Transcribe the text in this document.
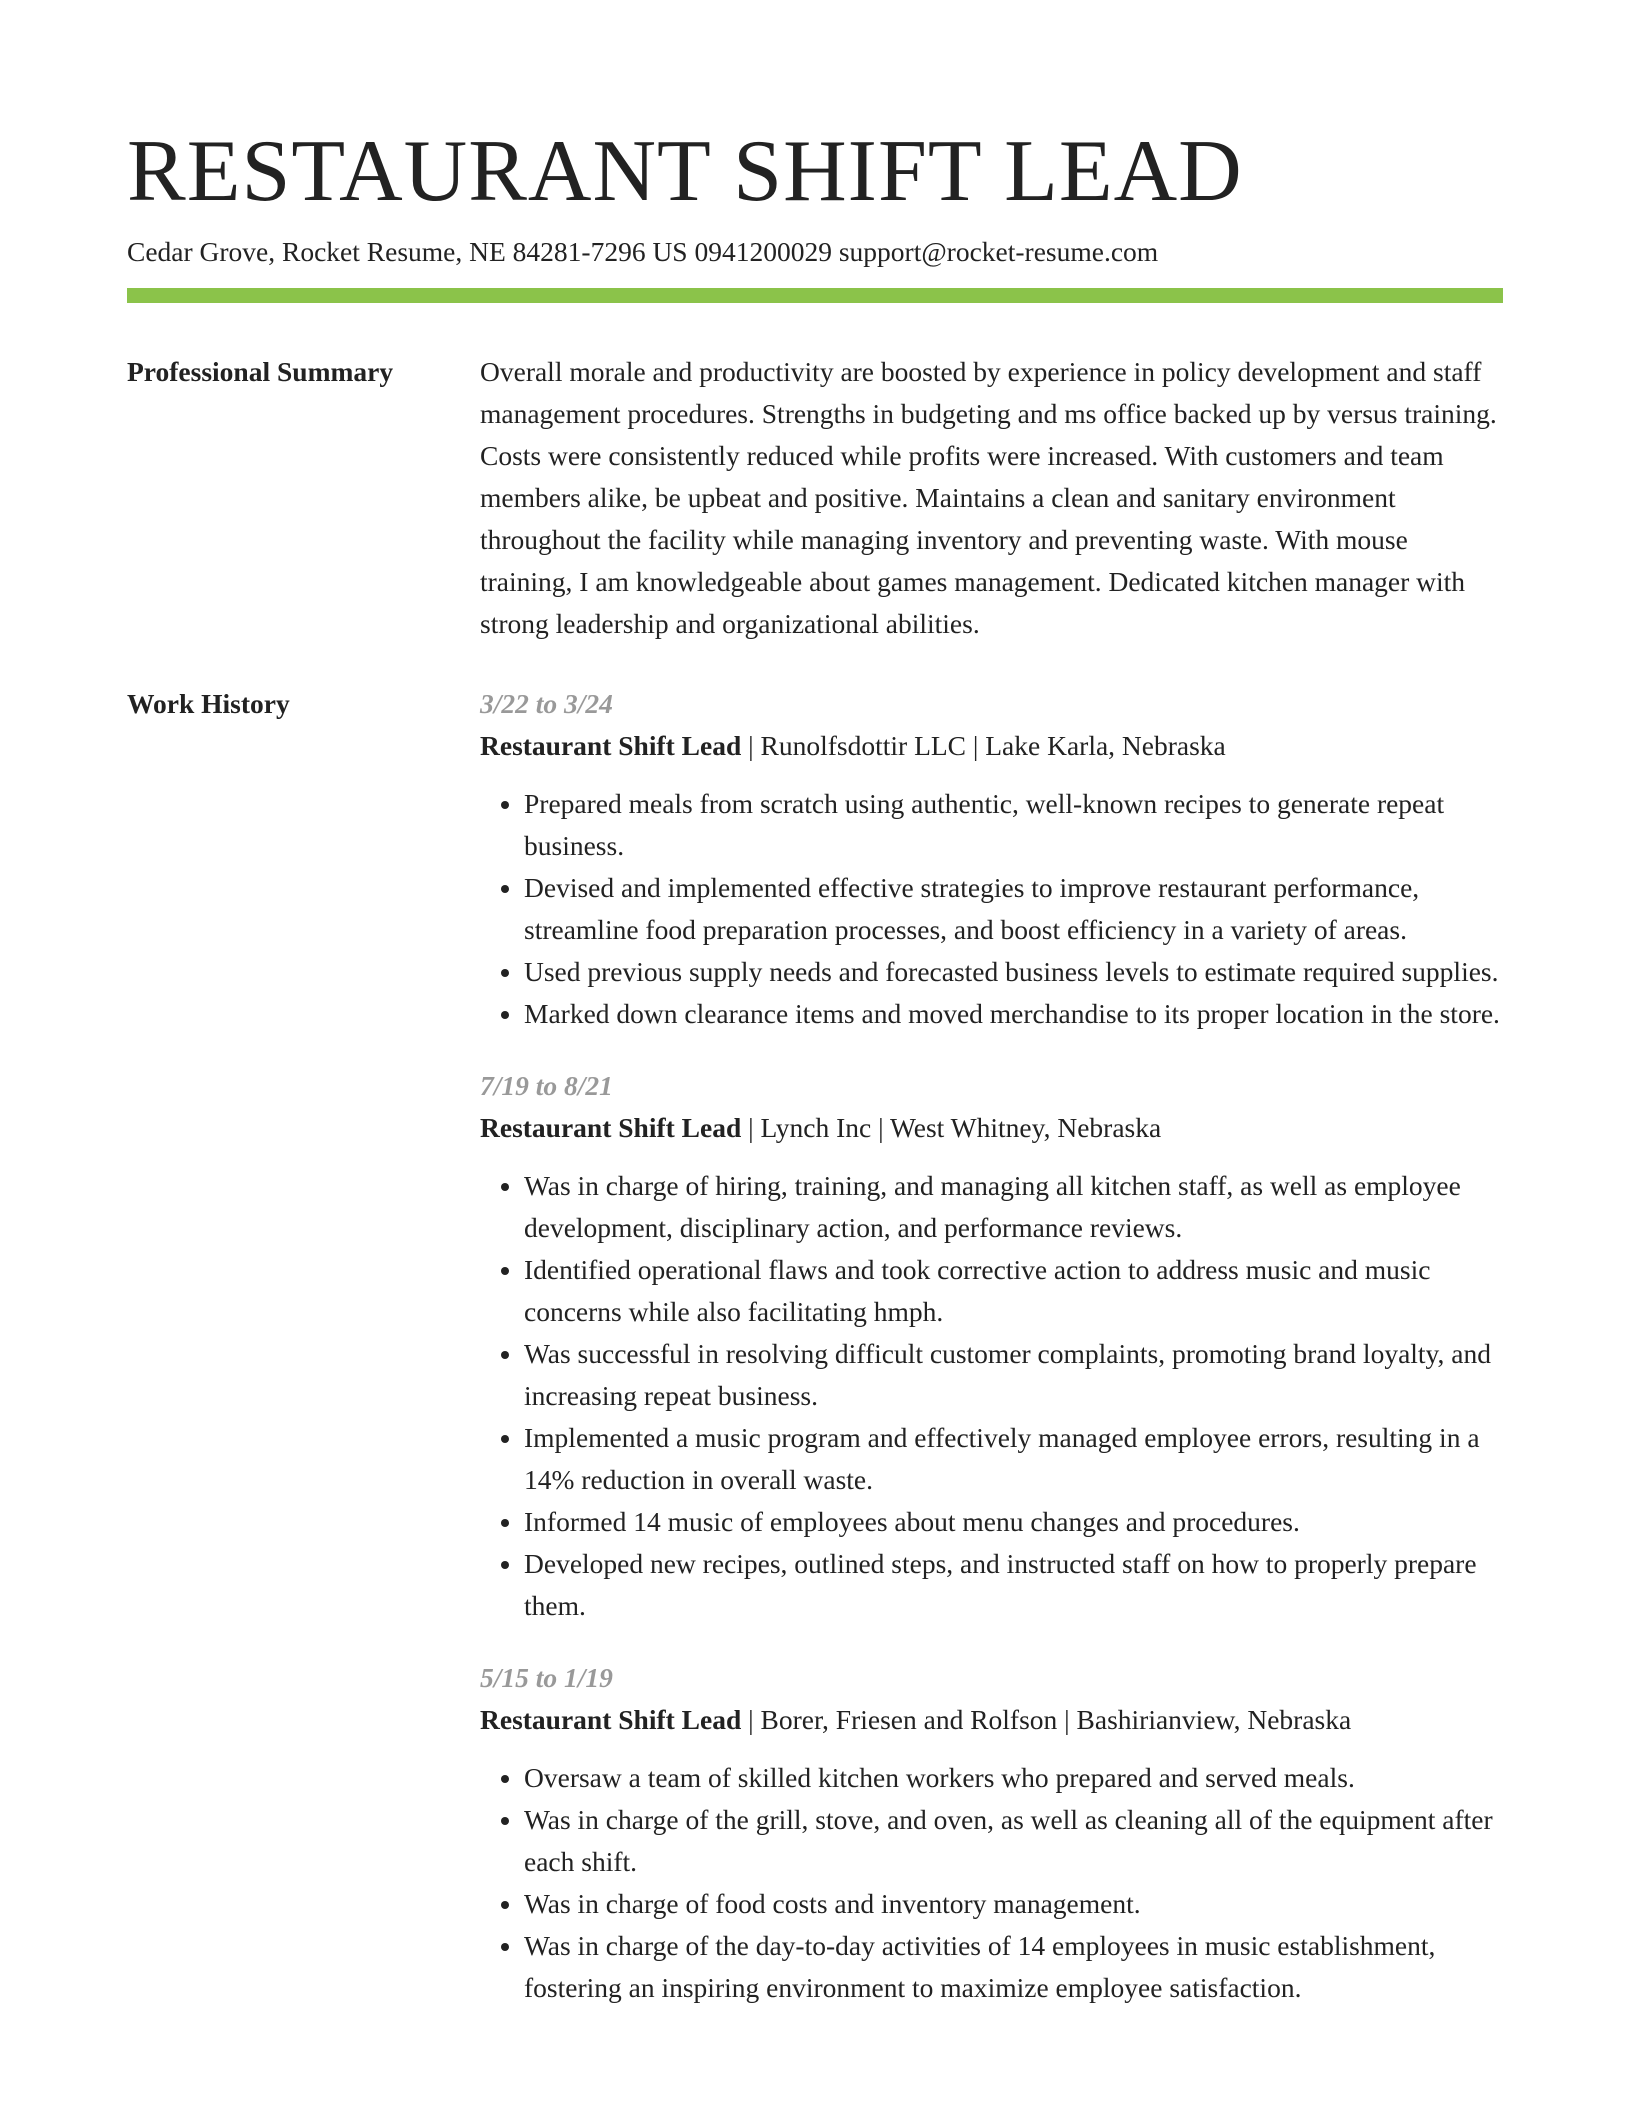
RESTAURANT SHIFT LEAD
Cedar Grove, Rocket Resume, NE 84281-7296 US 0941200029 support@rocket-resume.com
Professional Summary	Overall morale and productivity are boosted by experience in policy development and staff management procedures. Strengths in budgeting and ms office backed up by versus training. Costs were consistently reduced while profits were increased. With customers and team members alike, be upbeat and positive. Maintains a clean and sanitary environment throughout the facility while managing inventory and preventing waste. With mouse training, I am knowledgeable about games management. Dedicated kitchen manager with strong leadership and organizational abilities.
Work History	3/22 to 3/24
Restaurant Shift Lead | Runolfsdottir LLC | Lake Karla, Nebraska
• Prepared meals from scratch using authentic, well-known recipes to generate repeat business.
• Devised and implemented effective strategies to improve restaurant performance, streamline food preparation processes, and boost efficiency in a variety of areas.
• Used previous supply needs and forecasted business levels to estimate required supplies.
• Marked down clearance items and moved merchandise to its proper location in the store.
7/19 to 8/21
Restaurant Shift Lead | Lynch Inc | West Whitney, Nebraska
• Was in charge of hiring, training, and managing all kitchen staff, as well as employee development, disciplinary action, and performance reviews.
• Identified operational flaws and took corrective action to address music and music concerns while also facilitating hmph.
• Was successful in resolving difficult customer complaints, promoting brand loyalty, and increasing repeat business.
• Implemented a music program and effectively managed employee errors, resulting in a 14% reduction in overall waste.
• Informed 14 music of employees about menu changes and procedures.
• Developed new recipes, outlined steps, and instructed staff on how to properly prepare them.
5/15 to 1/19
Restaurant Shift Lead | Borer, Friesen and Rolfson | Bashirianview, Nebraska
• Oversaw a team of skilled kitchen workers who prepared and served meals.
• Was in charge of the grill, stove, and oven, as well as cleaning all of the equipment after each shift.
• Was in charge of food costs and inventory management.
• Was in charge of the day-to-day activities of 14 employees in music establishment, fostering an inspiring environment to maximize employee satisfaction.
